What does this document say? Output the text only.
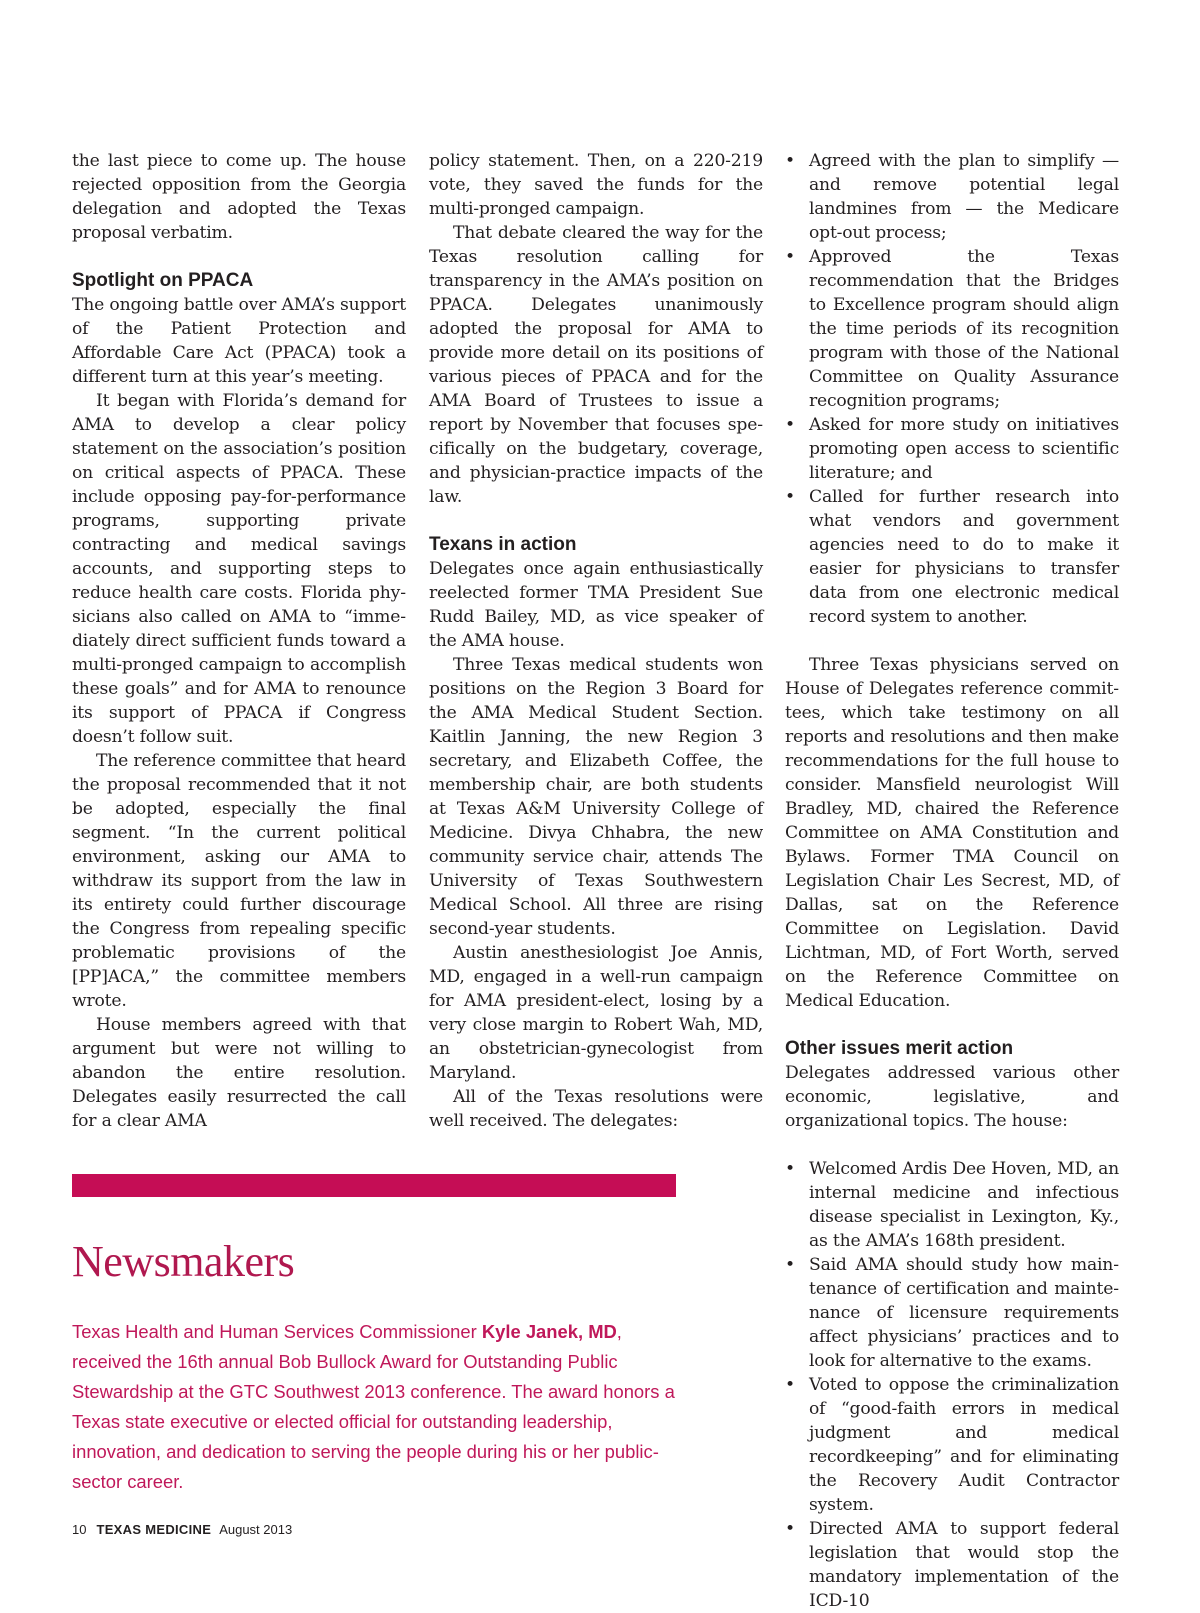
the last piece to come up. The house rejected opposition from the Georgia delegation and adopted the Texas proposal verbatim.

Spotlight on PPACA

The ongoing battle over AMA’s support of the Patient Protection and Affordable Care Act (PPACA) took a different turn at this year’s meeting.

It began with Florida’s demand for AMA to develop a clear policy statement on the association’s position on critical aspects of PPACA. These include opposing pay-for-performance programs, supporting private contracting and medical savings accounts, and supporting steps to reduce health care costs. Florida physicians also called on AMA to “immediately direct sufficient funds toward a multi-pronged campaign to accomplish these goals” and for AMA to renounce its support of PPACA if Congress doesn’t follow suit.

The reference committee that heard the proposal recommended that it not be adopted, especially the final segment. “In the current political environment, asking our AMA to withdraw its support from the law in its entirety could further discourage the Congress from repealing specific problematic provisions of the [PP]ACA,” the committee members wrote.

House members agreed with that argument but were not willing to abandon the entire resolution. Delegates easily resurrected the call for a clear AMA

policy statement. Then, on a 220-219 vote, they saved the funds for the multi-pronged campaign.

That debate cleared the way for the Texas resolution calling for transparency in the AMA’s position on PPACA. Delegates unanimously adopted the proposal for AMA to provide more detail on its positions of various pieces of PPACA and for the AMA Board of Trustees to issue a report by November that focuses specifically on the budgetary, coverage, and physician-practice impacts of the law.

Texans in action

Delegates once again enthusiastically reelected former TMA President Sue Rudd Bailey, MD, as vice speaker of the AMA house.

Three Texas medical students won positions on the Region 3 Board for the AMA Medical Student Section. Kaitlin Janning, the new Region 3 secretary, and Elizabeth Coffee, the membership chair, are both students at Texas A&M University College of Medicine. Divya Chhabra, the new community service chair, attends The University of Texas Southwestern Medical School. All three are rising second-year students.

Austin anesthesiologist Joe Annis, MD, engaged in a well-run campaign for AMA president-elect, losing by a very close margin to Robert Wah, MD, an obstetrician-gynecologist from Maryland.

All of the Texas resolutions were well received. The delegates:

• Agreed with the plan to simplify — and remove potential legal landmines from — the Medicare opt-out process;
• Approved the Texas recommendation that the Bridges to Excellence program should align the time periods of its recognition program with those of the National Committee on Quality Assurance recognition programs;
• Asked for more study on initiatives promoting open access to scientific literature; and
• Called for further research into what vendors and government agencies need to do to make it easier for physicians to transfer data from one electronic medical record system to another.

Three Texas physicians served on House of Delegates reference committees, which take testimony on all reports and resolutions and then make recommendations for the full house to consider. Mansfield neurologist Will Bradley, MD, chaired the Reference Committee on AMA Constitution and Bylaws. Former TMA Council on Legislation Chair Les Secrest, MD, of Dallas, sat on the Reference Committee on Legislation. David Lichtman, MD, of Fort Worth, served on the Reference Committee on Medical Education.

Other issues merit action

Delegates addressed various other economic, legislative, and organizational topics. The house:

• Welcomed Ardis Dee Hoven, MD, an internal medicine and infectious disease specialist in Lexington, Ky., as the AMA’s 168th president.
• Said AMA should study how maintenance of certification and maintenance of licensure requirements affect physicians’ practices and to look for alternative to the exams.
• Voted to oppose the criminalization of “good-faith errors in medical judgment and medical recordkeeping” and for eliminating the Recovery Audit Contractor system.
• Directed AMA to support federal legislation that would stop the mandatory implementation of the ICD-10
Newsmakers

Texas Health and Human Services Commissioner Kyle Janek, MD, received the 16th annual Bob Bullock Award for Outstanding Public Stewardship at the GTC Southwest 2013 conference. The award honors a Texas state executive or elected official for outstanding leadership, innovation, and dedication to serving the people during his or her public-sector career.

10 TEXAS MEDICINE August 2013
